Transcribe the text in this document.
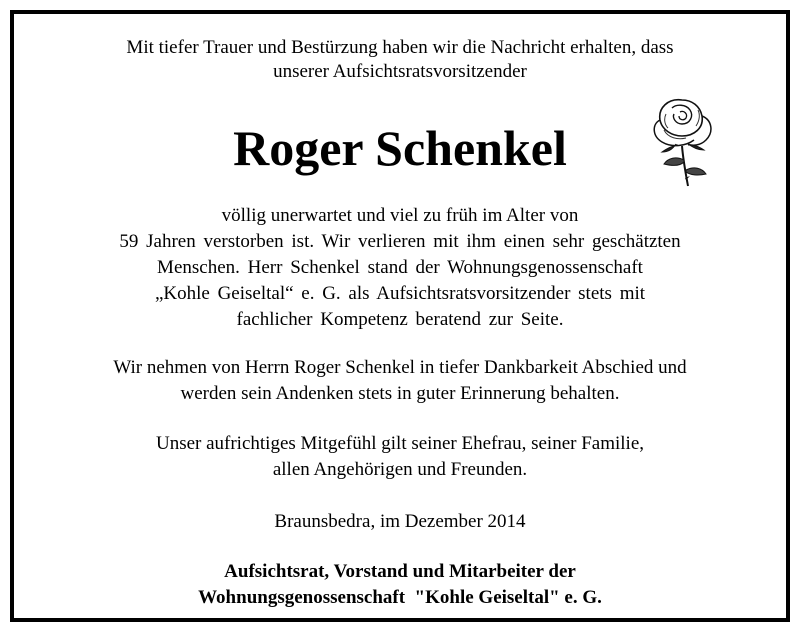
Mit tiefer Trauer und Bestürzung haben wir die Nachricht erhalten, dass
unserer Aufsichtsratsvorsitzender
Roger Schenkel
völlig unerwartet und viel zu früh im Alter von
59 Jahren verstorben ist. Wir verlieren mit ihm einen sehr geschätzten
Menschen. Herr Schenkel stand der Wohnungsgenossenschaft
„Kohle Geiseltal“ e. G. als Aufsichtsratsvorsitzender stets mit
fachlicher Kompetenz beratend zur Seite.
Wir nehmen von Herrn Roger Schenkel in tiefer Dankbarkeit Abschied und
werden sein Andenken stets in guter Erinnerung behalten.
Unser aufrichtiges Mitgefühl gilt seiner Ehefrau, seiner Familie,
allen Angehörigen und Freunden.
Braunsbedra, im Dezember 2014
Aufsichtsrat, Vorstand und Mitarbeiter der
Wohnungsgenossenschaft  "Kohle Geiseltal" e. G.
